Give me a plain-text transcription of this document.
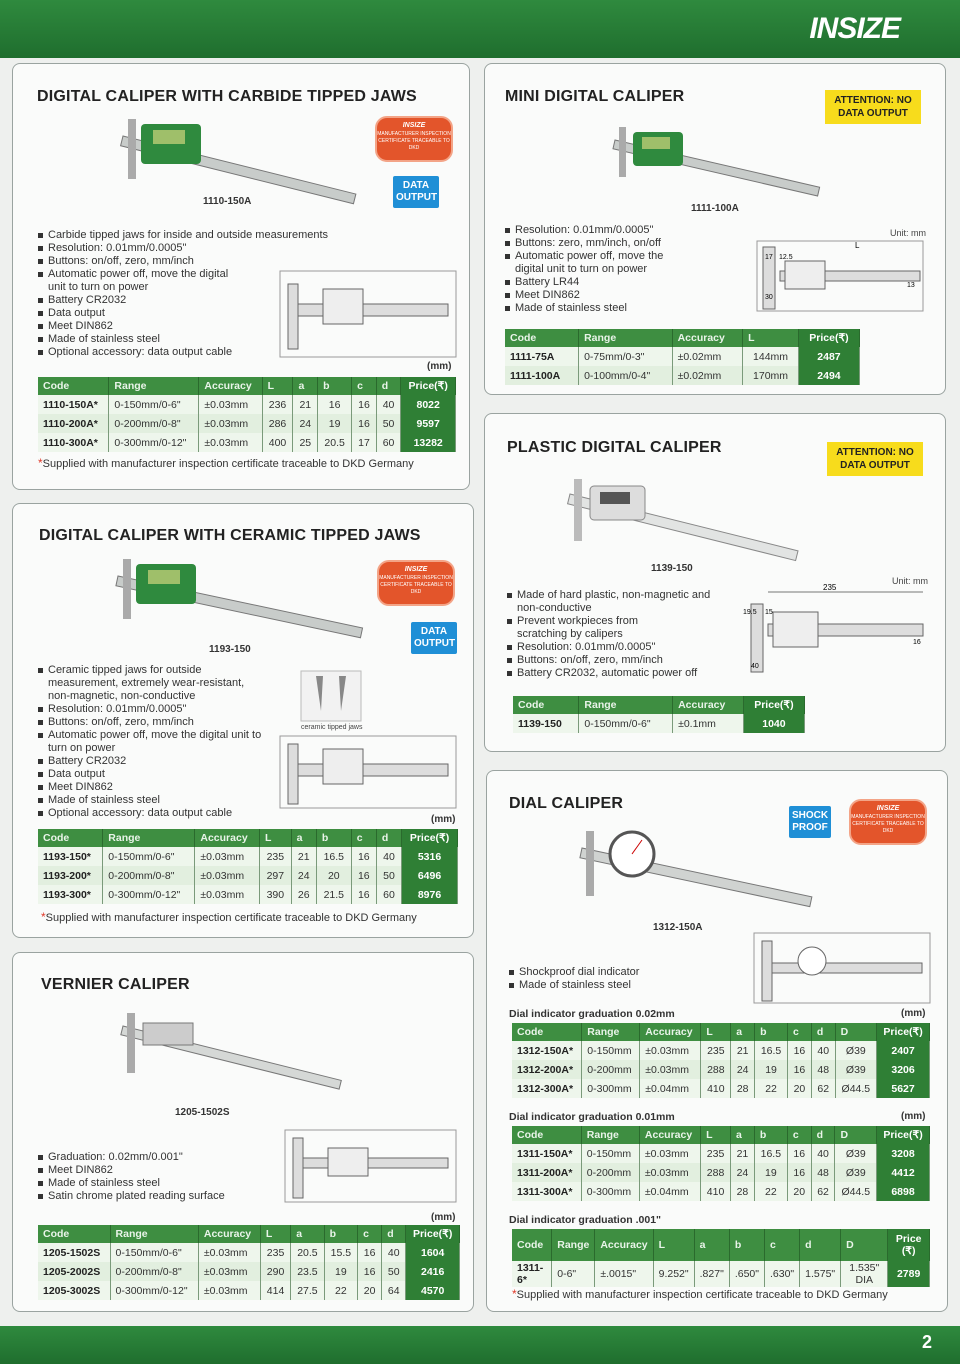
INSIZE
DIGITAL CALIPER WITH CARBIDE TIPPED JAWS
INSIZE
MANUFACTURER INSPECTION CERTIFICATE TRACEABLE TO DKD
1110-150A
DATA OUTPUT
Carbide tipped jaws for inside and outside measurements
Resolution: 0.01mm/0.0005"
Buttons: on/off, zero, mm/inch
Automatic power off, move the digital unit to turn on power
Battery CR2032
Data output
Meet DIN862
Made of stainless steel
Optional accessory: data output cable
(mm)
Code	Range	Accuracy	L	a	b	c	d	Price(₹)
1110-150A*	0-150mm/0-6"	±0.03mm	236	21	16	16	40	8022
1110-200A*	0-200mm/0-8"	±0.03mm	286	24	19	16	50	9597
1110-300A*	0-300mm/0-12"	±0.03mm	400	25	20.5	17	60	13282
*Supplied with manufacturer inspection certificate traceable to DKD Germany
DIGITAL CALIPER WITH CERAMIC TIPPED JAWS
INSIZE
MANUFACTURER INSPECTION CERTIFICATE TRACEABLE TO DKD
1193-150
DATA OUTPUT
ceramic tipped jaws
Ceramic tipped jaws for outside measurement, extremely wear-resistant, non-magnetic, non-conductive
Resolution: 0.01mm/0.0005"
Buttons: on/off, zero, mm/inch
Automatic power off, move the digital unit to turn on power
Battery CR2032
Data output
Meet DIN862
Made of stainless steel
Optional accessory: data output cable
(mm)
Code	Range	Accuracy	L	a	b	c	d	Price(₹)
1193-150*	0-150mm/0-6"	±0.03mm	235	21	16.5	16	40	5316
1193-200*	0-200mm/0-8"	±0.03mm	297	24	20	16	50	6496
1193-300*	0-300mm/0-12"	±0.03mm	390	26	21.5	16	60	8976
*Supplied with manufacturer inspection certificate traceable to DKD Germany
VERNIER CALIPER
1205-1502S
Graduation: 0.02mm/0.001"
Meet DIN862
Made of stainless steel
Satin chrome plated reading surface
(mm)
Code	Range	Accuracy	L	a	b	c	d	Price(₹)
1205-1502S	0-150mm/0-6"	±0.03mm	235	20.5	15.5	16	40	1604
1205-2002S	0-200mm/0-8"	±0.03mm	290	23.5	19	16	50	2416
1205-3002S	0-300mm/0-12"	±0.03mm	414	27.5	22	20	64	4570
MINI DIGITAL CALIPER	ATTENTION: NO DATA OUTPUT
1111-100A
Resolution: 0.01mm/0.0005"
Buttons: zero, mm/inch, on/off
Automatic power off, move the digital unit to turn on power
Battery LR44
Meet DIN862
Made of stainless steel
Unit: mm
L
17 12.5
30
13
Code	Range	Accuracy	L	Price(₹)
1111-75A	0-75mm/0-3"	±0.02mm	144mm	2487
1111-100A	0-100mm/0-4"	±0.02mm	170mm	2494
PLASTIC DIGITAL CALIPER	ATTENTION: NO DATA OUTPUT
1139-150
Made of hard plastic, non-magnetic and non-conductive
Prevent workpieces from scratching by calipers
Resolution: 0.01mm/0.0005"
Buttons: on/off, zero, mm/inch
Battery CR2032, automatic power off
Unit: mm
235
19.5 15
40
16
Code	Range	Accuracy	Price(₹)
1139-150	0-150mm/0-6"	±0.1mm	1040
DIAL CALIPER
SHOCK PROOF
INSIZE
MANUFACTURER INSPECTION CERTIFICATE TRACEABLE TO DKD
1312-150A
Shockproof dial indicator
Made of stainless steel
Dial indicator graduation 0.02mm	(mm)
Code	Range	Accuracy	L	a	b	c	d	D	Price(₹)
1312-150A*	0-150mm	±0.03mm	235	21	16.5	16	40	Ø39	2407
1312-200A*	0-200mm	±0.03mm	288	24	19	16	48	Ø39	3206
1312-300A*	0-300mm	±0.04mm	410	28	22	20	62	Ø44.5	5627
Dial indicator graduation 0.01mm	(mm)
Code	Range	Accuracy	L	a	b	c	d	D	Price(₹)
1311-150A*	0-150mm	±0.03mm	235	21	16.5	16	40	Ø39	3208
1311-200A*	0-200mm	±0.03mm	288	24	19	16	48	Ø39	4412
1311-300A*	0-300mm	±0.04mm	410	28	22	20	62	Ø44.5	6898
Dial indicator graduation .001"
Code	Range	Accuracy	L	a	b	c	d	D	Price (₹)
1311-6*	0-6"	±.0015"	9.252"	.827"	.650"	.630"	1.575"	1.535" DIA	2789
*Supplied with manufacturer inspection certificate traceable to DKD Germany
2
